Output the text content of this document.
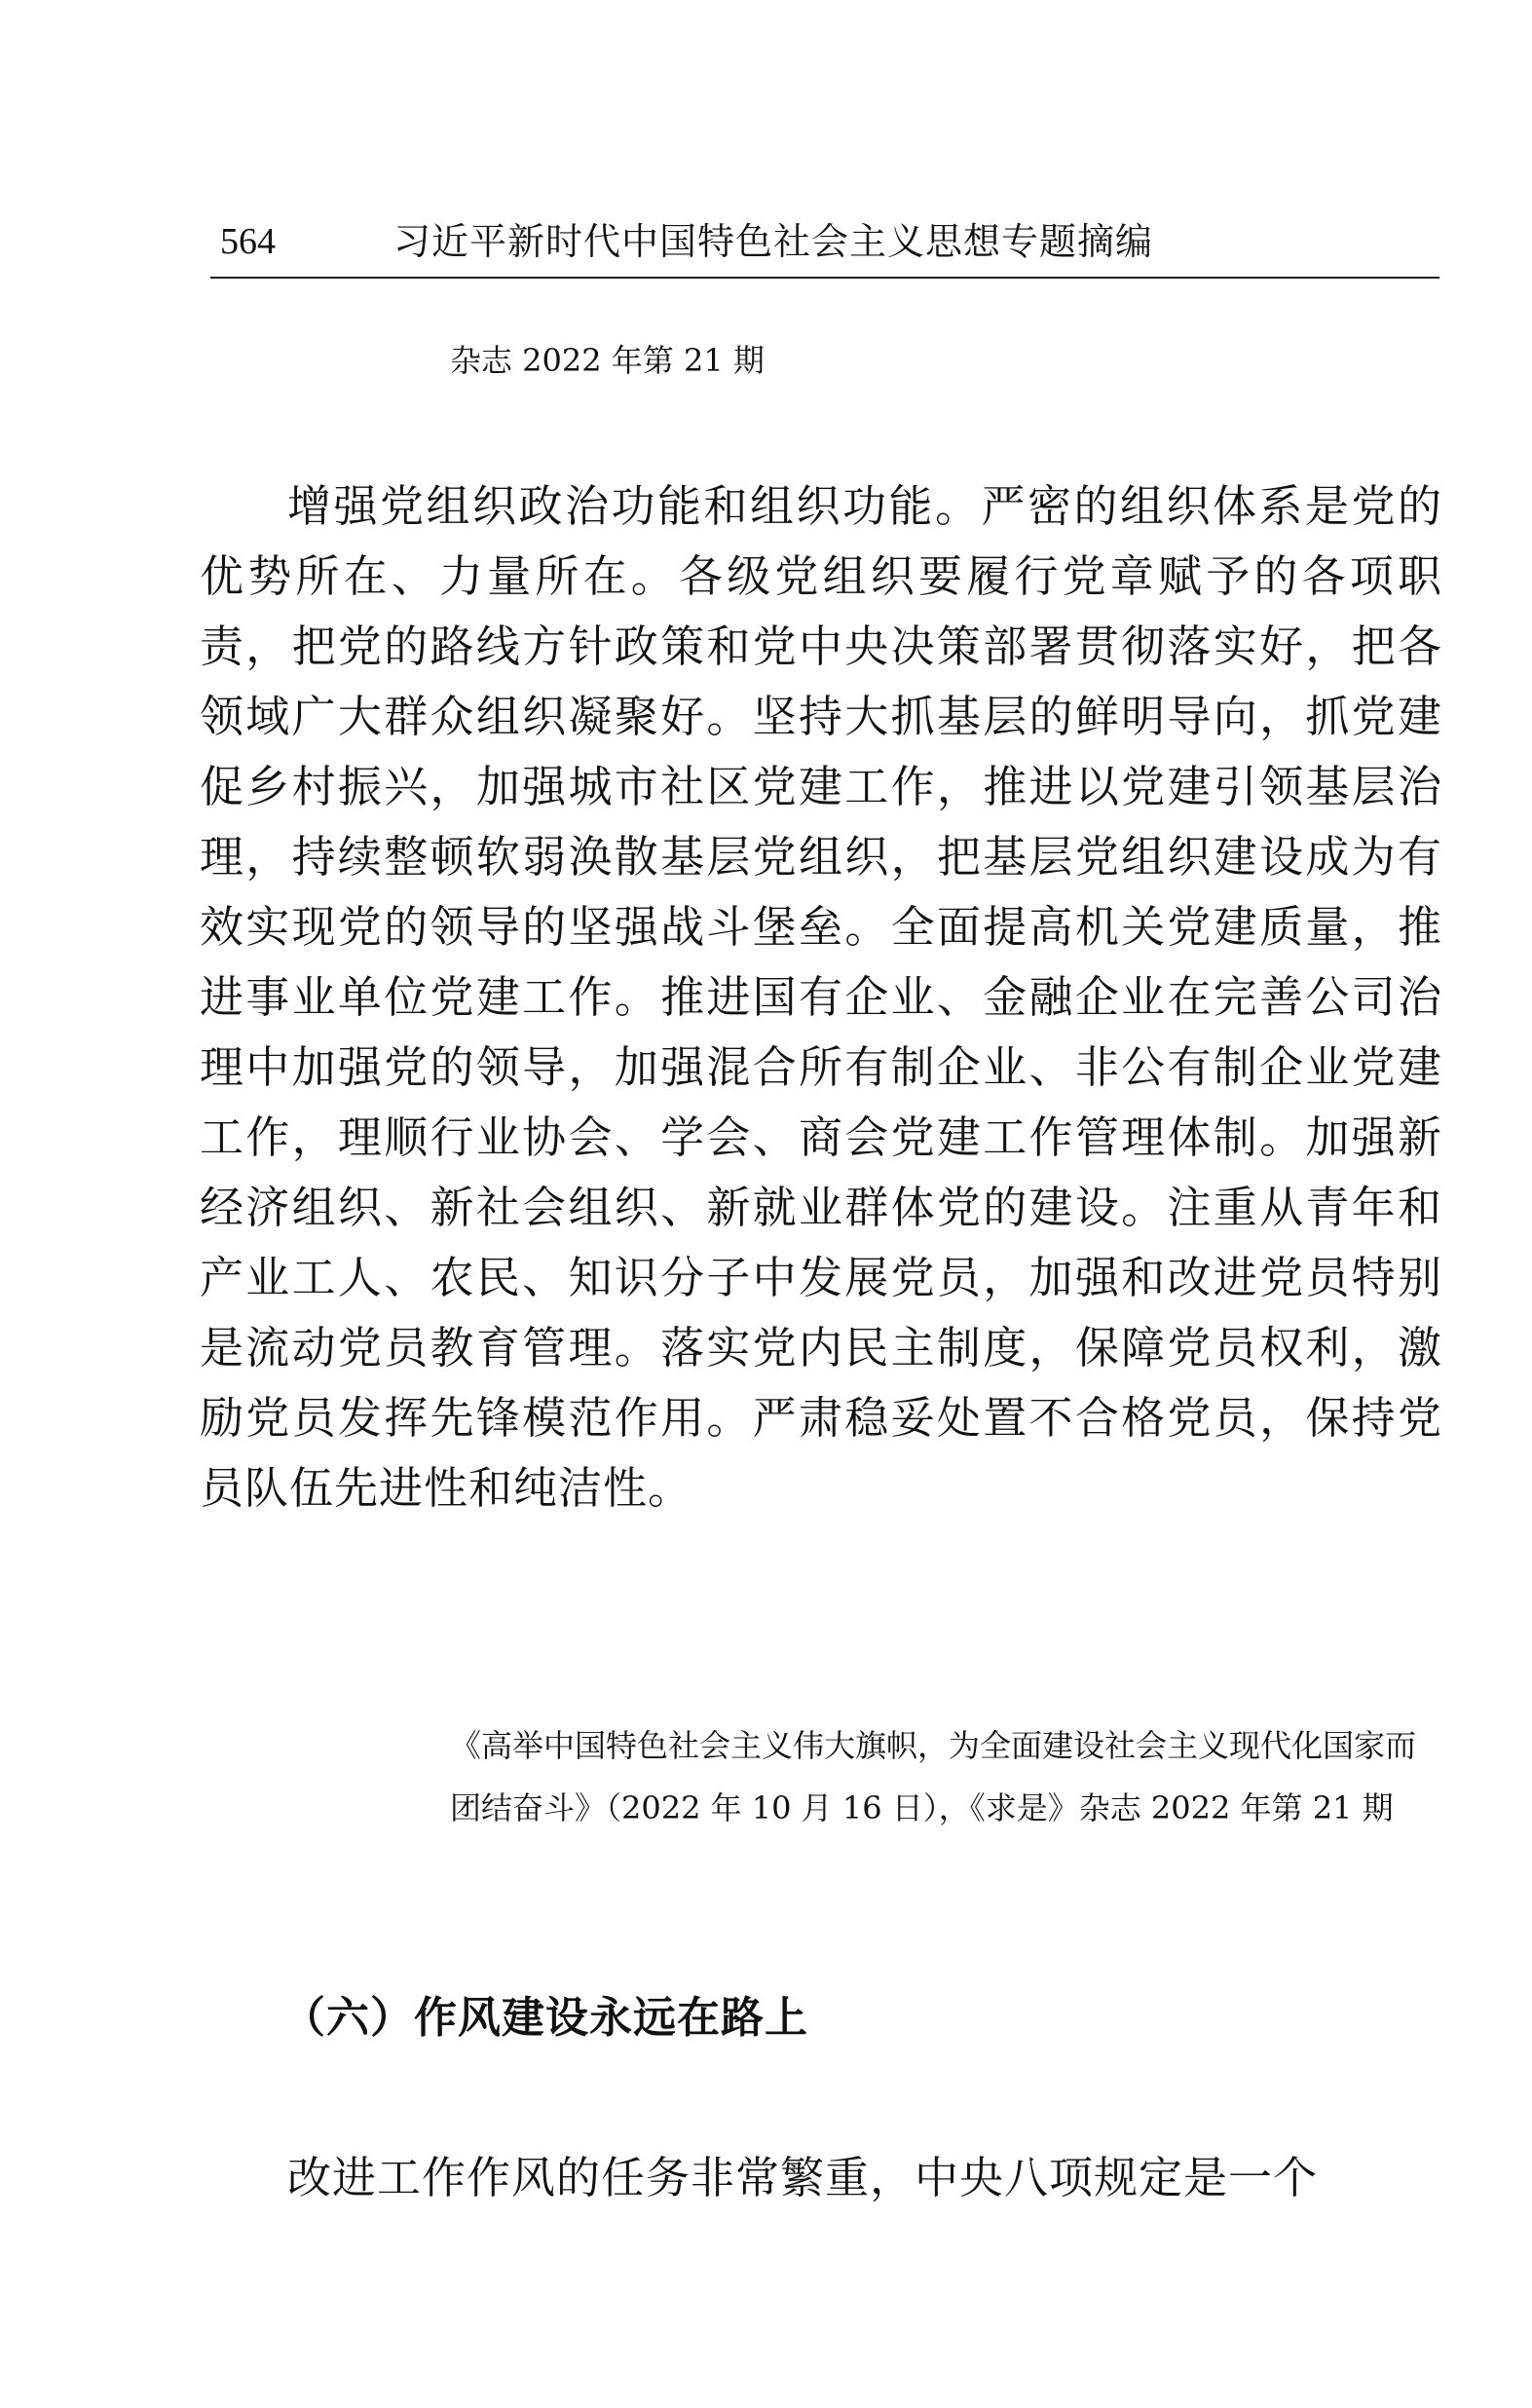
564	习近平新时代中国特色社会主义思想专题摘编

杂志 2022 年第 21 期

增强党组织政治功能和组织功能。严密的组织体系是党的优势所在、力量所在。各级党组织要履行党章赋予的各项职责，把党的路线方针政策和党中央决策部署贯彻落实好，把各领域广大群众组织凝聚好。坚持大抓基层的鲜明导向，抓党建促乡村振兴，加强城市社区党建工作，推进以党建引领基层治理，持续整顿软弱涣散基层党组织，把基层党组织建设成为有效实现党的领导的坚强战斗堡垒。全面提高机关党建质量，推进事业单位党建工作。推进国有企业、金融企业在完善公司治理中加强党的领导，加强混合所有制企业、非公有制企业党建工作，理顺行业协会、学会、商会党建工作管理体制。加强新经济组织、新社会组织、新就业群体党的建设。注重从青年和产业工人、农民、知识分子中发展党员，加强和改进党员特别是流动党员教育管理。落实党内民主制度，保障党员权利，激励党员发挥先锋模范作用。严肃稳妥处置不合格党员，保持党员队伍先进性和纯洁性。

《高举中国特色社会主义伟大旗帜，为全面建设社会主义现代化国家而团结奋斗》（2022 年 10 月 16 日），《求是》杂志 2022 年第 21 期

（六）作风建设永远在路上

改进工作作风的任务非常繁重，中央八项规定是一个
